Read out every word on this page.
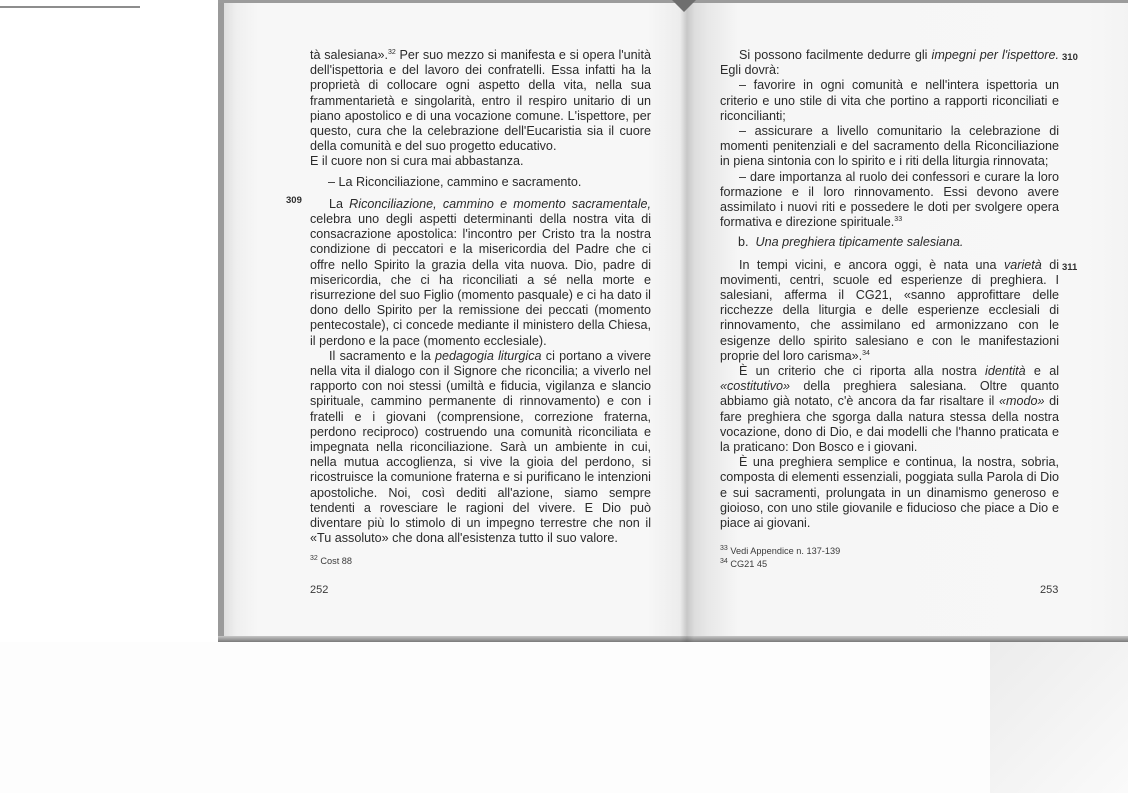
tà salesiana».$^{32}$ Per suo mezzo si manifesta e si opera l'unità dell'ispettoria e del lavoro dei confratelli. Essa infatti ha la proprietà di collocare ogni aspetto della vita, nella sua frammentarietà e singolarità, entro il respiro unitario di un piano apostolico e di una vocazione comune. L'ispettore, per questo, cura che la celebrazione dell'Eucaristia sia il cuore della comunità e del suo progetto educativo.

E il cuore non si cura mai abbastanza.

– La Riconciliazione, cammino e sacramento.

La Riconciliazione, cammino e momento sacramentale, celebra uno degli aspetti determinanti della nostra vita di consacrazione apostolica: l'incontro per Cristo tra la nostra condizione di peccatori e la misericordia del Padre che ci offre nello Spirito la grazia della vita nuova. Dio, padre di misericordia, che ci ha riconciliati a sé nella morte e risurrezione del suo Figlio (momento pasquale) e ci ha dato il dono dello Spirito per la remissione dei peccati (momento pentecostale), ci concede mediante il ministero della Chiesa, il perdono e la pace (momento ecclesiale).

Il sacramento e la pedagogia liturgica ci portano a vivere nella vita il dialogo con il Signore che riconcilia; a viverlo nel rapporto con noi stessi (umiltà e fiducia, vigilanza e slancio spirituale, cammino permanente di rinnovamento) e con i fratelli e i giovani (comprensione, correzione fraterna, perdono reciproco) costruendo una comunità riconciliata e impegnata nella riconciliazione. Sarà un ambiente in cui, nella mutua accoglienza, si vive la gioia del perdono, si ricostruisce la comunione fraterna e si purificano le intenzioni apostoliche. Noi, così dediti all'azione, siamo sempre tendenti a rovesciare le ragioni del vivere. E Dio può diventare più lo stimolo di un impegno terrestre che non il «Tu assoluto» che dona all'esistenza tutto il suo valore.

309
$^{32}$ Cost 88
252

Si possono facilmente dedurre gli impegni per l'ispettore. Egli dovrà:

– favorire in ogni comunità e nell'intera ispettoria un criterio e uno stile di vita che portino a rapporti riconciliati e riconcilianti;

– assicurare a livello comunitario la celebrazione di momenti penitenziali e del sacramento della Riconciliazione in piena sintonia con lo spirito e i riti della liturgia rinnovata;

– dare importanza al ruolo dei confessori e curare la loro formazione e il loro rinnovamento. Essi devono avere assimilato i nuovi riti e possedere le doti per svolgere opera formativa e direzione spirituale.$^{33}$

b. Una preghiera tipicamente salesiana.

In tempi vicini, e ancora oggi, è nata una varietà di movimenti, centri, scuole ed esperienze di preghiera. I salesiani, afferma il CG21, «sanno approfittare delle ricchezze della liturgia e delle esperienze ecclesiali di rinnovamento, che assimilano ed armonizzano con le esigenze dello spirito salesiano e con le manifestazioni proprie del loro carisma».$^{34}$

È un criterio che ci riporta alla nostra identità e al «costitutivo» della preghiera salesiana. Oltre quanto abbiamo già notato, c'è ancora da far risaltare il «modo» di fare preghiera che sgorga dalla natura stessa della nostra vocazione, dono di Dio, e dai modelli che l'hanno praticata e la praticano: Don Bosco e i giovani.

È una preghiera semplice e continua, la nostra, sobria, composta di elementi essenziali, poggiata sulla Parola di Dio e sui sacramenti, prolungata in un dinamismo generoso e gioioso, con uno stile giovanile e fiducioso che piace a Dio e piace ai giovani.

310
311
$^{33}$ Vedi Appendice n. 137-139
$^{34}$ CG21 45
253
